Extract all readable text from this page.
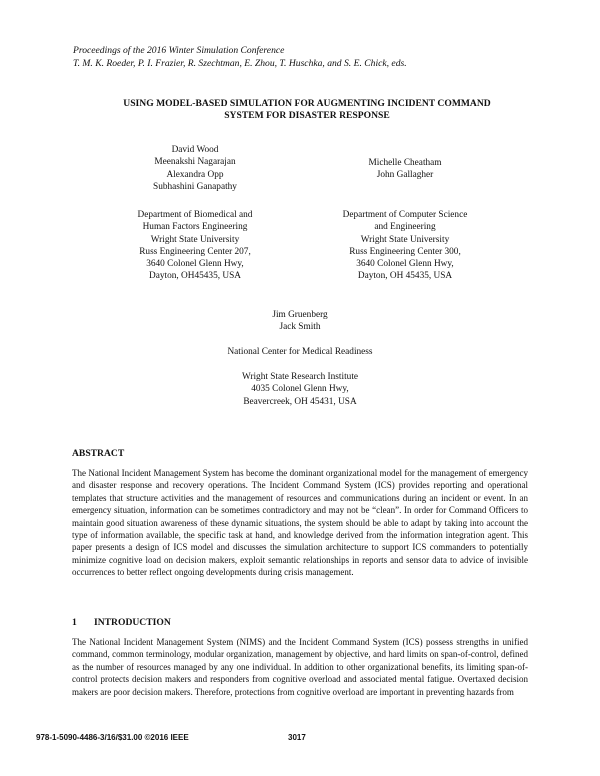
Proceedings of the 2016 Winter Simulation Conference
T. M. K. Roeder, P. I. Frazier, R. Szechtman, E. Zhou, T. Huschka, and S. E. Chick, eds.
USING MODEL-BASED SIMULATION FOR AUGMENTING INCIDENT COMMAND
SYSTEM FOR DISASTER RESPONSE
David Wood
Meenakshi Nagarajan
Alexandra Opp
Subhashini Ganapathy
Michelle Cheatham
John Gallagher
Department of Biomedical and
Human Factors Engineering
Wright State University
Russ Engineering Center 207,
3640 Colonel Glenn Hwy,
Dayton, OH45435, USA
Department of Computer Science
and Engineering
Wright State University
Russ Engineering Center 300,
3640 Colonel Glenn Hwy,
Dayton, OH 45435, USA
Jim Gruenberg
Jack Smith
National Center for Medical Readiness
Wright State Research Institute
4035 Colonel Glenn Hwy,
Beavercreek, OH 45431, USA
ABSTRACT
The National Incident Management System has become the dominant organizational model for the management of emergency and disaster response and recovery operations. The Incident Command System (ICS) provides reporting and operational templates that structure activities and the management of resources and communications during an incident or event. In an emergency situation, information can be sometimes contradictory and may not be “clean”. In order for Command Officers to maintain good situation awareness of these dynamic situations, the system should be able to adapt by taking into account the type of information available, the specific task at hand, and knowledge derived from the information integration agent. This paper presents a design of ICS model and discusses the simulation architecture to support ICS commanders to potentially minimize cognitive load on decision makers, exploit semantic relationships in reports and sensor data to advice of invisible occurrences to better reflect ongoing developments during crisis management.
1 INTRODUCTION
The National Incident Management System (NIMS) and the Incident Command System (ICS) possess strengths in unified command, common terminology, modular organization, management by objective, and hard limits on span-of-control, defined as the number of resources managed by any one individual. In addition to other organizational benefits, its limiting span-of-control protects decision makers and responders from cognitive overload and associated mental fatigue. Overtaxed decision makers are poor decision makers. Therefore, protections from cognitive overload are important in preventing hazards from
978-1-5090-4486-3/16/$31.00 ©2016 IEEE	3017
